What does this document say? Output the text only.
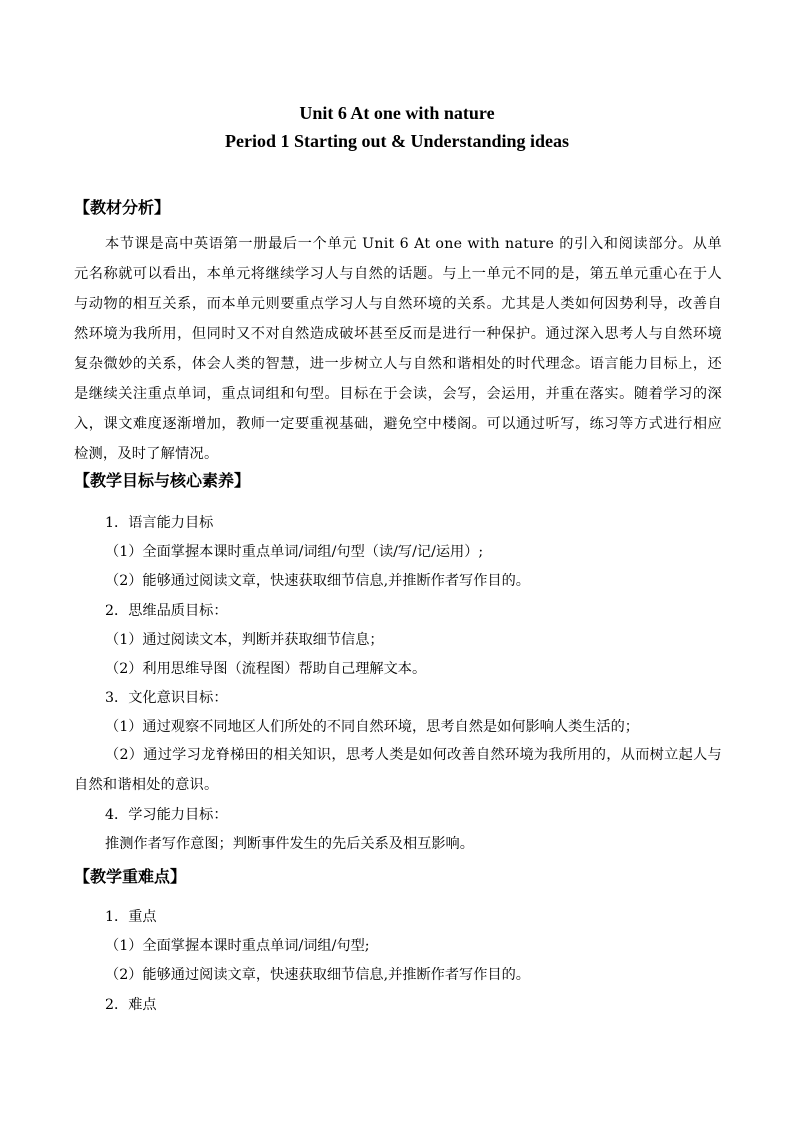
Unit 6 At one with nature
Period 1 Starting out & Understanding ideas
【教材分析】

本节课是高中英语第一册最后一个单元 Unit 6 At one with nature 的引入和阅读部分。从单元名称就可以看出，本单元将继续学习人与自然的话题。与上一单元不同的是，第五单元重心在于人与动物的相互关系，而本单元则要重点学习人与自然环境的关系。尤其是人类如何因势利导，改善自然环境为我所用，但同时又不对自然造成破坏甚至反而是进行一种保护。通过深入思考人与自然环境复杂微妙的关系，体会人类的智慧，进一步树立人与自然和谐相处的时代理念。语言能力目标上，还是继续关注重点单词，重点词组和句型。目标在于会读，会写，会运用，并重在落实。随着学习的深入，课文难度逐渐增加，教师一定要重视基础，避免空中楼阁。可以通过听写，练习等方式进行相应检测，及时了解情况。

【教学目标与核心素养】
1．语言能力目标
（1）全面掌握本课时重点单词/词组/句型（读/写/记/运用）;
（2）能够通过阅读文章，快速获取细节信息,并推断作者写作目的。
2．思维品质目标：
（1）通过阅读文本，判断并获取细节信息；
（2）利用思维导图（流程图）帮助自己理解文本。
3．文化意识目标：
（1）通过观察不同地区人们所处的不同自然环境，思考自然是如何影响人类生活的；

（2）通过学习龙脊梯田的相关知识，思考人类是如何改善自然环境为我所用的，从而树立起人与自然和谐相处的意识。

4．学习能力目标：
推测作者写作意图；判断事件发生的先后关系及相互影响。
【教学重难点】
1．重点
（1）全面掌握本课时重点单词/词组/句型;
（2）能够通过阅读文章，快速获取细节信息,并推断作者写作目的。
2．难点
